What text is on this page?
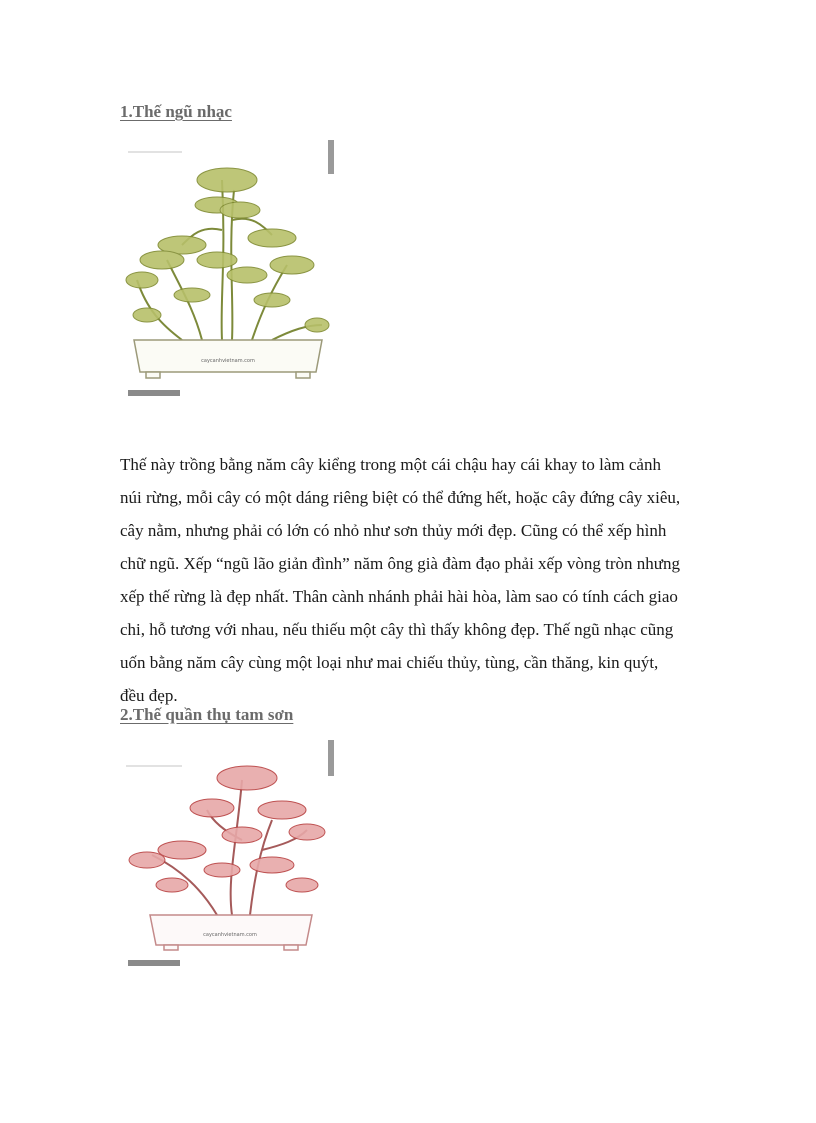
1.Thế ngũ nhạc
caycanhvietnam.com
Thế này trồng bằng năm cây kiểng trong một cái chậu hay cái khay to làm cảnh
núi rừng, mỗi cây có một dáng riêng biệt có thể đứng hết, hoặc cây đứng cây xiêu,
cây nằm, nhưng phải có lớn có nhỏ như sơn thủy mới đẹp. Cũng có thể xếp hình
chữ ngũ. Xếp “ngũ lão giản đình” năm ông già đàm đạo phải xếp vòng tròn nhưng
xếp thế rừng là đẹp nhất. Thân cành nhánh phải hài hòa, làm sao có tính cách giao
chi, hỗ tương với nhau, nếu thiếu một cây thì thấy không đẹp. Thế ngũ nhạc cũng
uốn bằng năm cây cùng một loại như mai chiếu thủy, tùng, cần thăng, kin quýt,
đều đẹp.
2.Thế quần thụ tam sơn
caycanhvietnam.com
